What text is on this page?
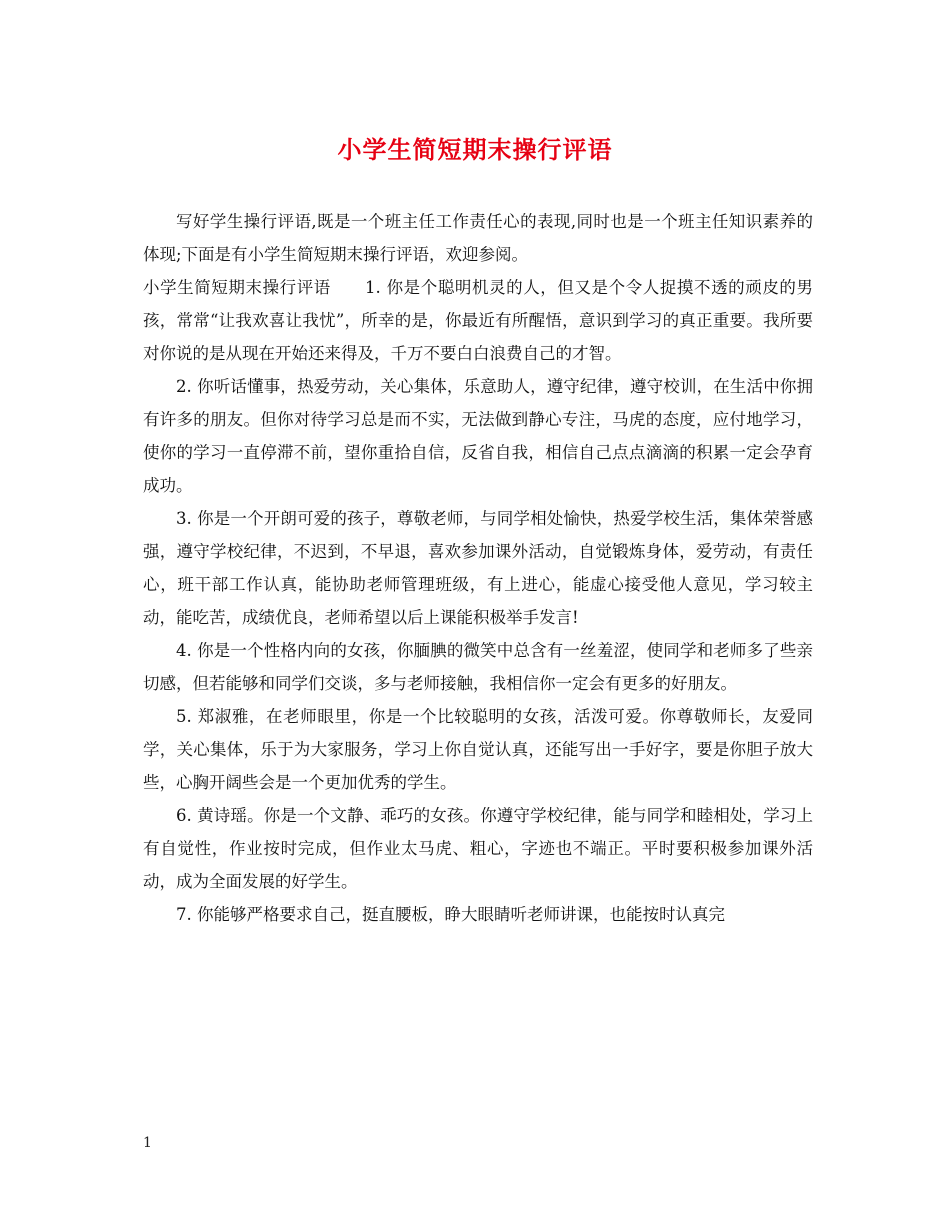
小学生简短期末操行评语

写好学生操行评语,既是一个班主任工作责任心的表现,同时也是一个班主任知识素养的体现;下面是有小学生简短期末操行评语，欢迎参阅。

小学生简短期末操行评语　　1. 你是个聪明机灵的人，但又是个令人捉摸不透的顽皮的男孩，常常“让我欢喜让我忧”，所幸的是，你最近有所醒悟，意识到学习的真正重要。我所要对你说的是从现在开始还来得及，千万不要白白浪费自己的才智。

2. 你听话懂事，热爱劳动，关心集体，乐意助人，遵守纪律，遵守校训，在生活中你拥有许多的朋友。但你对待学习总是而不实，无法做到静心专注，马虎的态度，应付地学习，使你的学习一直停滞不前，望你重拾自信，反省自我，相信自己点点滴滴的积累一定会孕育成功。

3. 你是一个开朗可爱的孩子，尊敬老师，与同学相处愉快，热爱学校生活，集体荣誉感强，遵守学校纪律，不迟到，不早退，喜欢参加课外活动，自觉锻炼身体，爱劳动，有责任心，班干部工作认真，能协助老师管理班级，有上进心，能虚心接受他人意见，学习较主动，能吃苦，成绩优良，老师希望以后上课能积极举手发言!

4. 你是一个性格内向的女孩，你腼腆的微笑中总含有一丝羞涩，使同学和老师多了些亲切感，但若能够和同学们交谈，多与老师接触，我相信你一定会有更多的好朋友。

5. 郑淑雅，在老师眼里，你是一个比较聪明的女孩，活泼可爱。你尊敬师长，友爱同学，关心集体，乐于为大家服务，学习上你自觉认真，还能写出一手好字，要是你胆子放大些，心胸开阔些会是一个更加优秀的学生。

6. 黄诗瑶。你是一个文静、乖巧的女孩。你遵守学校纪律，能与同学和睦相处，学习上有自觉性，作业按时完成，但作业太马虎、粗心，字迹也不端正。平时要积极参加课外活动，成为全面发展的好学生。

7. 你能够严格要求自己，挺直腰板，睁大眼睛听老师讲课，也能按时认真完

1
